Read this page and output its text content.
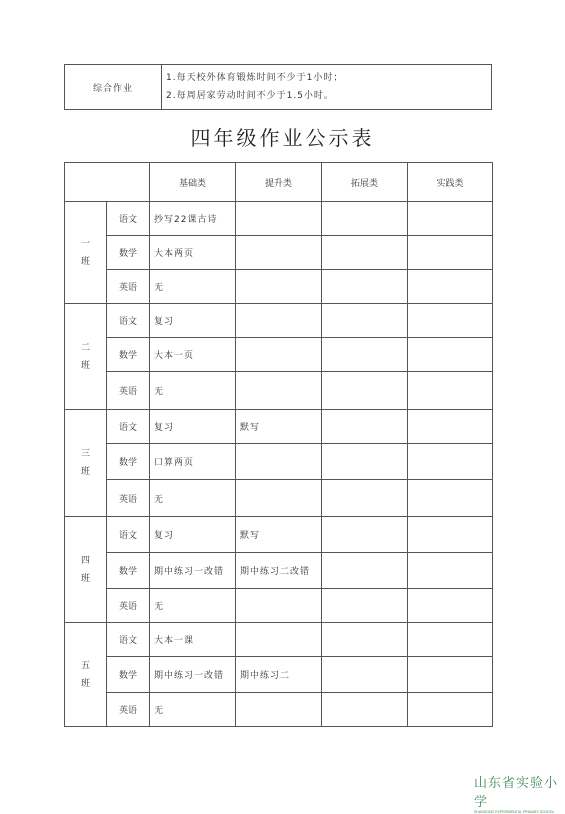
综合作业	
1.每天校外体育锻炼时间不少于1小时；
2.每周居家劳动时间不少于1.5小时。
四年级作业公示表
		基础类	提升类	拓展类	实践类

一班	语文	抄写22课古诗			
	数学	大本两页			
	英语	无			

二班	语文	复习			
	数学	大本一页			
	英语	无			

三班	语文	复习	默写		
	数学	口算两页			
	英语	无			

四班	语文	复习	默写		
	数学	期中练习一改错	期中练习二改错		
	英语	无			

五班	语文	大本一课			
	数学	期中练习一改错	期中练习二		
	英语	无			
山东省实验小学
SHANDONG EXPERIMENTAL PRIMARY SCHOOL
